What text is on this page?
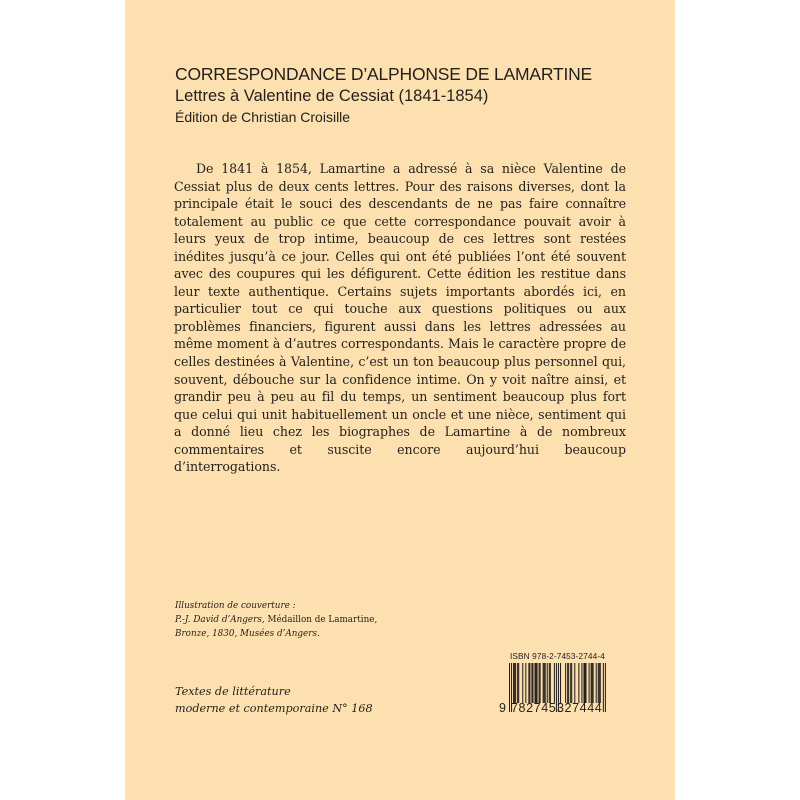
CORRESPONDANCE D’ALPHONSE DE LAMARTINE
Lettres à Valentine de Cessiat (1841-1854)
Édition de Christian Croisille

De 1841 à 1854, Lamartine a adressé à sa nièce Valentine de Cessiat plus de deux cents lettres. Pour des raisons diverses, dont la principale était le souci des descendants de ne pas faire connaître totalement au public ce que cette correspondance pouvait avoir à leurs yeux de trop intime, beaucoup de ces lettres sont restées inédites jusqu’à ce jour. Celles qui ont été publiées l’ont été souvent avec des coupures qui les défigurent. Cette édition les restitue dans leur texte authentique. Certains sujets importants abordés ici, en particulier tout ce qui touche aux questions politiques ou aux problèmes financiers, figurent aussi dans les lettres adressées au même moment à d’autres correspondants. Mais le caractère propre de celles destinées à Valentine, c’est un ton beaucoup plus personnel qui, souvent, débouche sur la confidence intime. On y voit naître ainsi, et grandir peu à peu au fil du temps, un sentiment beaucoup plus fort que celui qui unit habituellement un oncle et une nièce, sentiment qui a donné lieu chez les biographes de Lamartine à de nombreux commentaires et suscite encore aujourd’hui beaucoup d’interrogations.

Illustration de couverture :
P.-J. David d’Angers, Médaillon de Lamartine,
Bronze, 1830, Musées d’Angers.
Textes de littérature
moderne et contemporaine N° 168
ISBN 978-2-7453-2744-4
9 782745 327444
